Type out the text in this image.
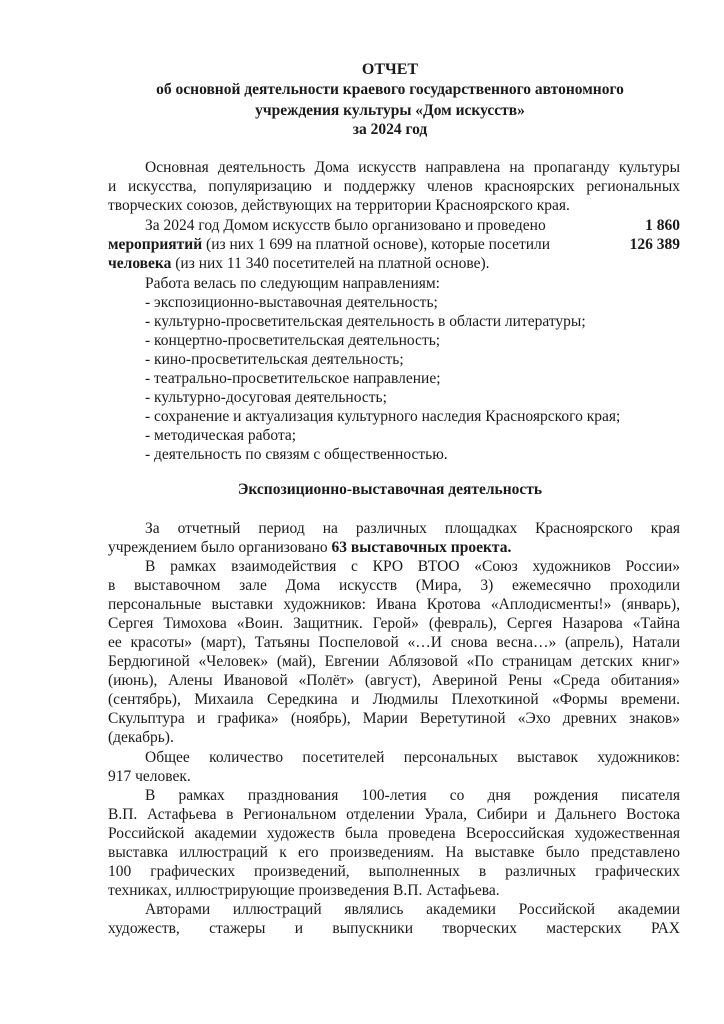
ОТЧЕТ
об основной деятельности краевого государственного автономного
учреждения культуры «Дом искусств»
за 2024 год
Основная деятельность Дома искусств направлена на пропаганду культуры
и искусства, популяризацию и поддержку членов красноярских региональных
творческих союзов, действующих на территории Красноярского края.
За 2024 год Домом искусств было организовано и проведено	1 860
мероприятий (из них 1 699 на платной основе), которые посетили	126 389
человека (из них 11 340 посетителей на платной основе).
Работа велась по следующим направлениям:
- экспозиционно-выставочная деятельность;
- культурно-просветительская деятельность в области литературы;
- концертно-просветительская деятельность;
- кино-просветительская деятельность;
- театрально-просветительское направление;
- культурно-досуговая деятельность;
- сохранение и актуализация культурного наследия Красноярского края;
- методическая работа;
- деятельность по связям с общественностью.
Экспозиционно-выставочная деятельность
За отчетный период на различных площадках Красноярского края
учреждением было организовано 63 выставочных проекта.
В рамках взаимодействия с КРО ВТОО «Союз художников России»
в выставочном зале Дома искусств (Мира, 3) ежемесячно проходили
персональные выставки художников: Ивана Кротова «Аплодисменты!» (январь),
Сергея Тимохова «Воин. Защитник. Герой» (февраль), Сергея Назарова «Тайна
ее красоты» (март), Татьяны Поспеловой «…И снова весна…» (апрель), Натали
Бердюгиной «Человек» (май), Евгении Аблязовой «По страницам детских книг»
(июнь), Алены Ивановой «Полёт» (август), Авериной Рены «Среда обитания»
(сентябрь), Михаила Середкина и Людмилы Плехоткиной «Формы времени.
Скульптура и графика» (ноябрь), Марии Веретутиной «Эхо древних знаков»
(декабрь).
Общее количество посетителей персональных выставок художников:
917 человек.
В рамках празднования 100-летия со дня рождения писателя
В.П. Астафьева в Региональном отделении Урала, Сибири и Дальнего Востока
Российской академии художеств была проведена Всероссийская художественная
выставка иллюстраций к его произведениям. На выставке было представлено
100 графических произведений, выполненных в различных графических
техниках, иллюстрирующие произведения В.П. Астафьева.
Авторами иллюстраций являлись академики Российской академии
художеств, стажеры и выпускники творческих мастерских РАХ
